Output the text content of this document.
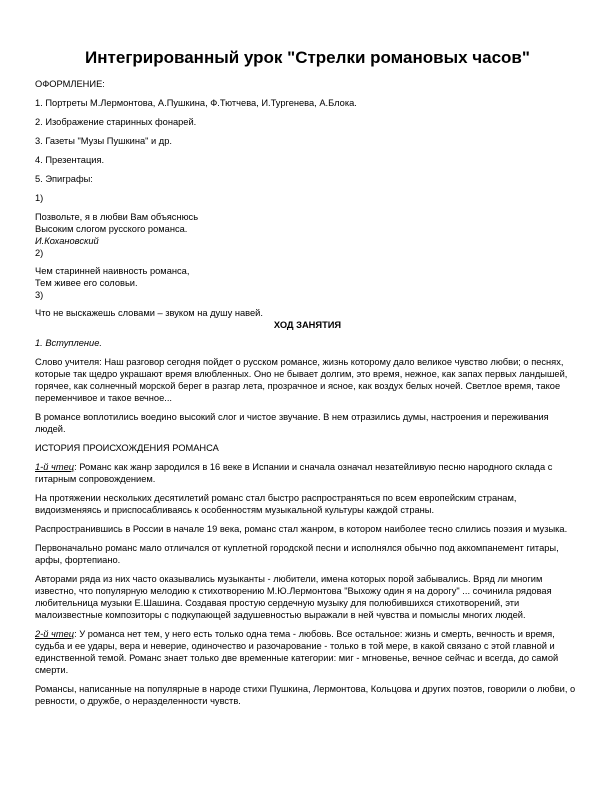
Интегрированный урок "Стрелки романовых часов"

ОФОРМЛЕНИЕ:

1. Портреты М.Лермонтова, А.Пушкина, Ф.Тютчева, И.Тургенева, А.Блока.

2. Изображение старинных фонарей.

3. Газеты "Музы Пушкина" и др.

4. Презентация.

5. Эпиграфы:

1)

Позвольте, я в любви Вам объяснюсь

Высоким слогом русского романса.

И.Кохановский

2)

Чем старинней наивность романса,

Тем живее его соловьи.

3)

Что не выскажешь словами – звуком на душу навей.

ХОД ЗАНЯТИЯ

1. Вступление.

Слово учителя: Наш разговор сегодня пойдет о русском романсе, жизнь которому дало великое чувство любви; о песнях, которые так щедро украшают время влюбленных. Оно не бывает долгим, это время, нежное, как запах первых ландышей, горячее, как солнечный морской берег в разгар лета, прозрачное и ясное, как воздух белых ночей. Светлое время, такое переменчивое и такое вечное...

В романсе воплотились воедино высокий слог и чистое звучание. В нем отразились думы, настроения и переживания людей.

ИСТОРИЯ ПРОИСХОЖДЕНИЯ РОМАНСА

1-й чтец: Романс как жанр зародился в 16 веке в Испании и сначала означал незатейливую песню народного склада с гитарным сопровождением.

На протяжении нескольких десятилетий романс стал быстро распространяться по всем европейским странам, видоизменяясь и приспосабливаясь к особенностям музыкальной культуры каждой страны.

Распространившись в России в начале 19 века, романс стал жанром, в котором наиболее тесно слились поэзия и музыка.

Первоначально романс мало отличался от куплетной городской песни и исполнялся обычно под аккомпанемент гитары, арфы, фортепиано.

Авторами ряда из них часто оказывались музыканты - любители, имена которых порой забывались. Вряд ли многим известно, что популярную мелодию к стихотворению М.Ю.Лермонтова "Выхожу один я на дорогу" ... сочинила рядовая любительница музыки Е.Шашина. Создавая простую сердечную музыку для полюбившихся стихотворений, эти малоизвестные композиторы с подкупающей задушевностью выражали в ней чувства и помыслы многих людей.

2-й чтец: У романса нет тем, у него есть только одна тема - любовь. Все остальное: жизнь и смерть, вечность и время, судьба и ее удары, вера и неверие, одиночество и разочарование - только в той мере, в какой связано с этой главной и единственной темой. Романс знает только две временные категории: миг - мгновенье, вечное сейчас и всегда, до самой смерти.

Романсы, написанные на популярные в народе стихи Пушкина, Лермонтова, Кольцова и других поэтов, говорили о любви, о ревности, о дружбе, о неразделенности чувств.
